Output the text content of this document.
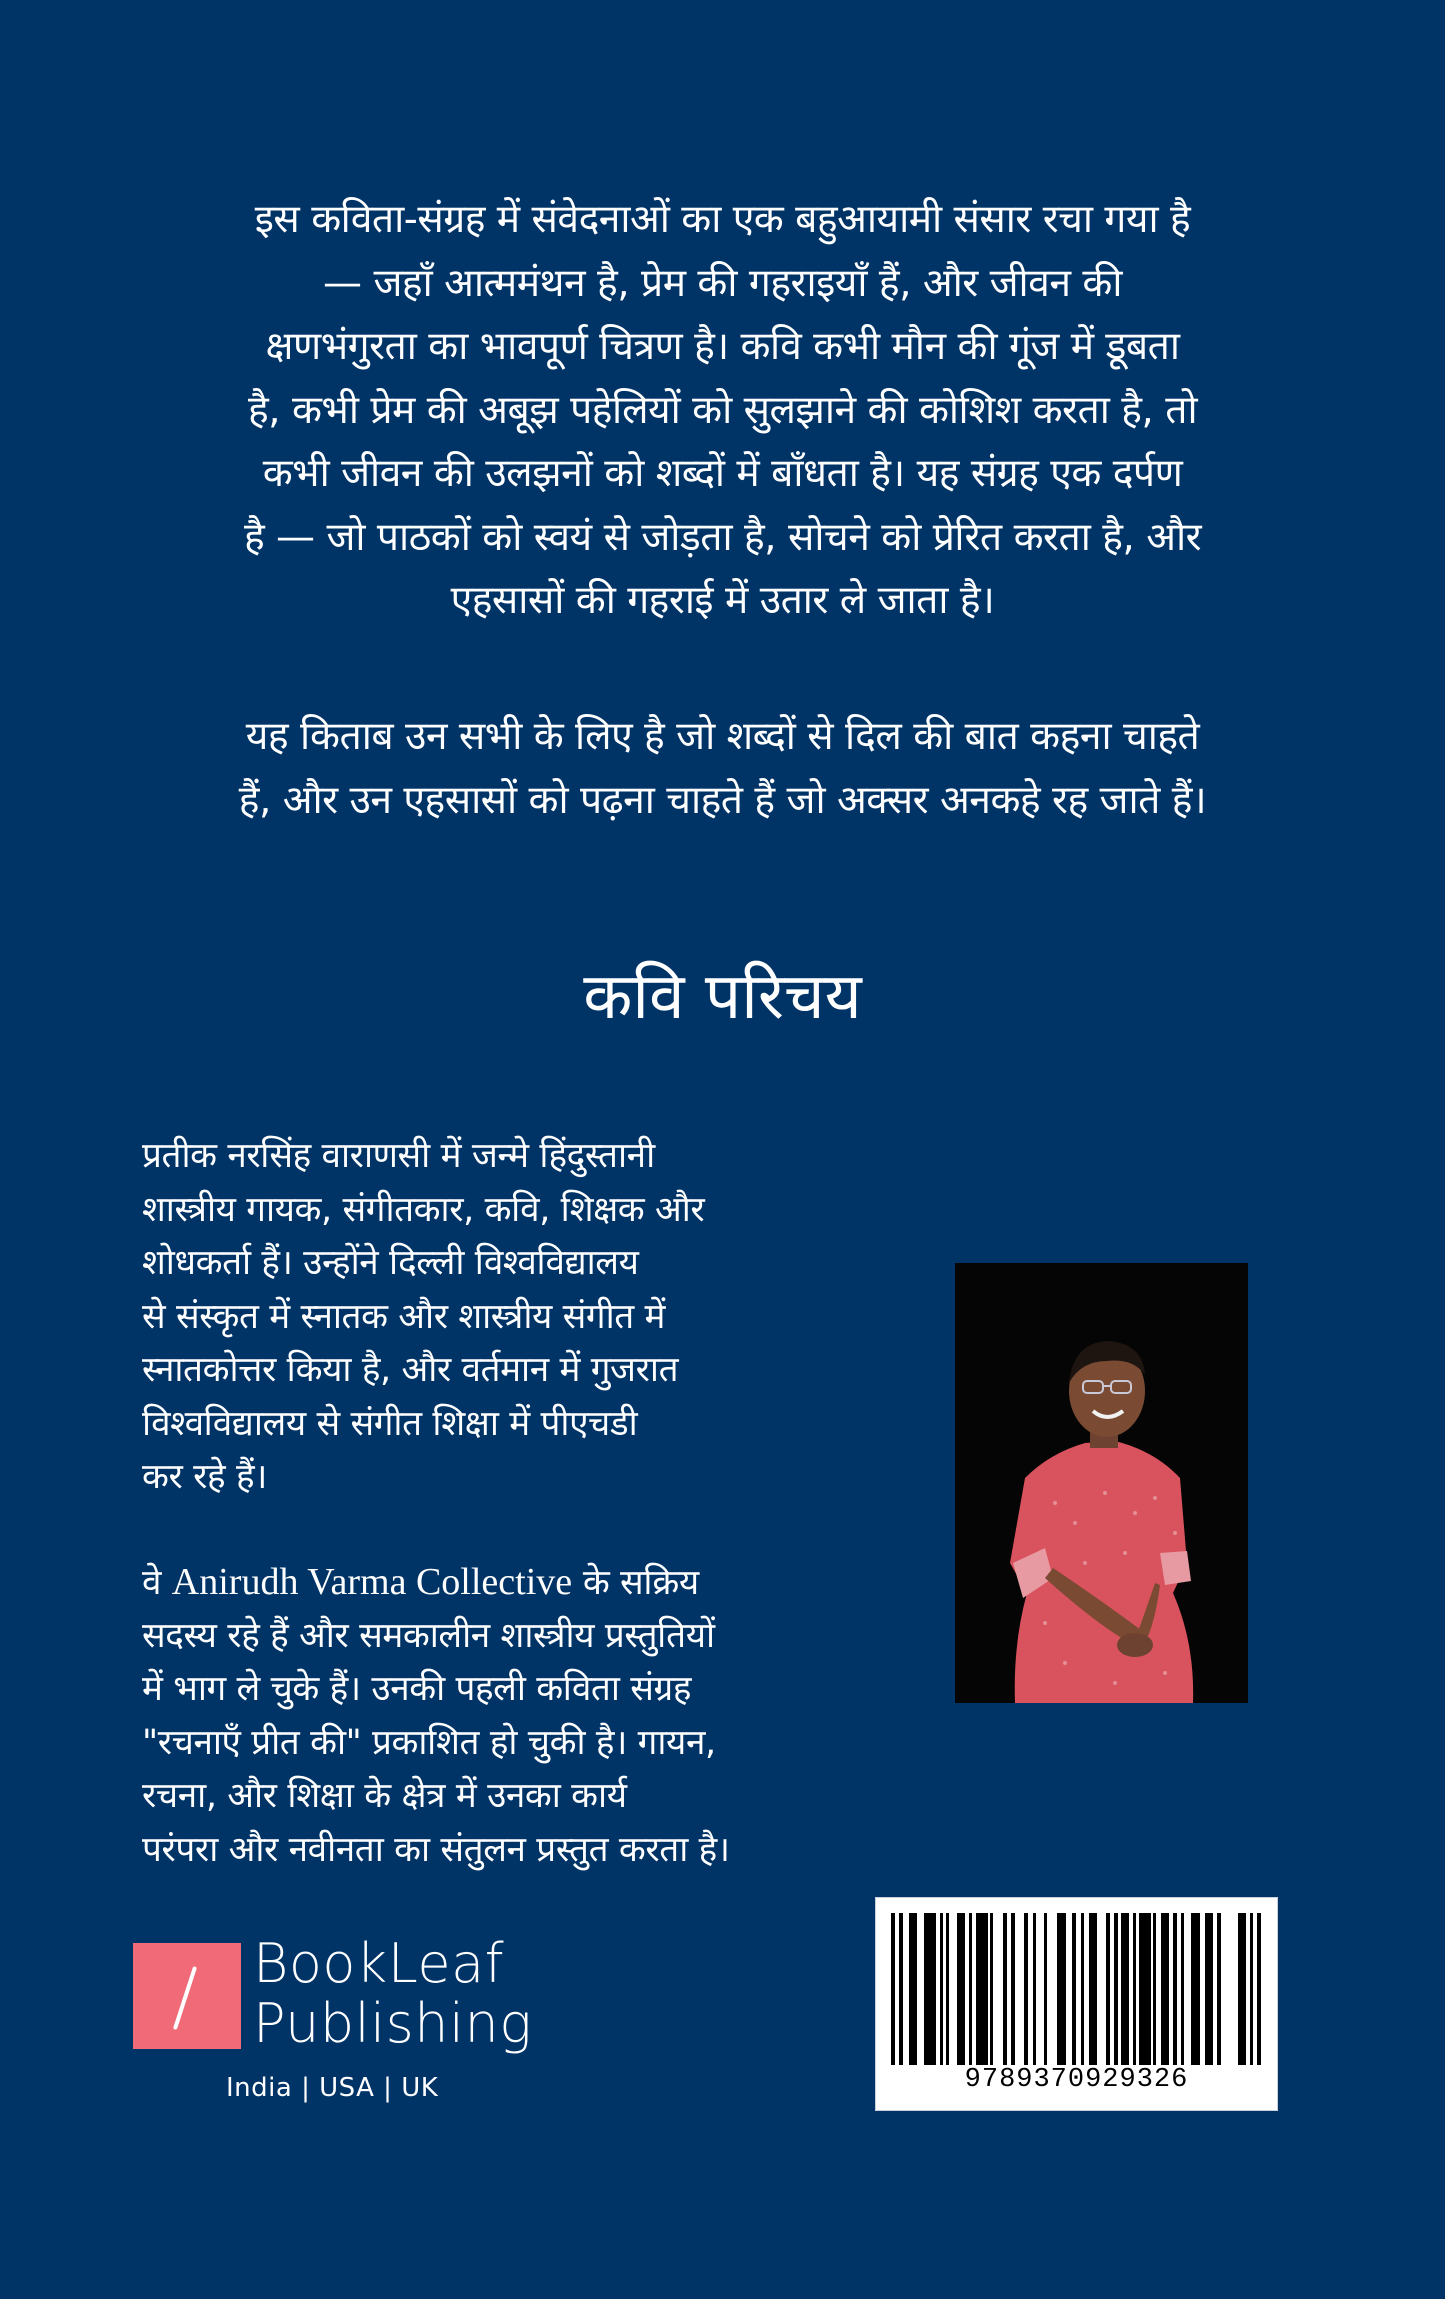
इस कविता-संग्रह में संवेदनाओं का एक बहुआयामी संसार रचा गया है
— जहाँ आत्ममंथन है, प्रेम की गहराइयाँ हैं, और जीवन की
क्षणभंगुरता का भावपूर्ण चित्रण है। कवि कभी मौन की गूंज में डूबता
है, कभी प्रेम की अबूझ पहेलियों को सुलझाने की कोशिश करता है, तो
कभी जीवन की उलझनों को शब्दों में बाँधता है। यह संग्रह एक दर्पण
है — जो पाठकों को स्वयं से जोड़ता है, सोचने को प्रेरित करता है, और
एहसासों की गहराई में उतार ले जाता है।
यह किताब उन सभी के लिए है जो शब्दों से दिल की बात कहना चाहते
हैं, और उन एहसासों को पढ़ना चाहते हैं जो अक्सर अनकहे रह जाते हैं।
कवि परिचय
प्रतीक नरसिंह वाराणसी में जन्मे हिंदुस्तानी
शास्त्रीय गायक, संगीतकार, कवि, शिक्षक और
शोधकर्ता हैं। उन्होंने दिल्ली विश्वविद्यालय
से संस्कृत में स्नातक और शास्त्रीय संगीत में
स्नातकोत्तर किया है, और वर्तमान में गुजरात
विश्वविद्यालय से संगीत शिक्षा में पीएचडी
कर रहे हैं।
वे Anirudh Varma Collective के सक्रिय
सदस्य रहे हैं और समकालीन शास्त्रीय प्रस्तुतियों
में भाग ले चुके हैं। उनकी पहली कविता संग्रह
"रचनाएँ प्रीत की" प्रकाशित हो चुकी है। गायन,
रचना, और शिक्षा के क्षेत्र में उनका कार्य
परंपरा और नवीनता का संतुलन प्रस्तुत करता है।
BookLeaf
Publishing
India | USA | UK	9789370929326
